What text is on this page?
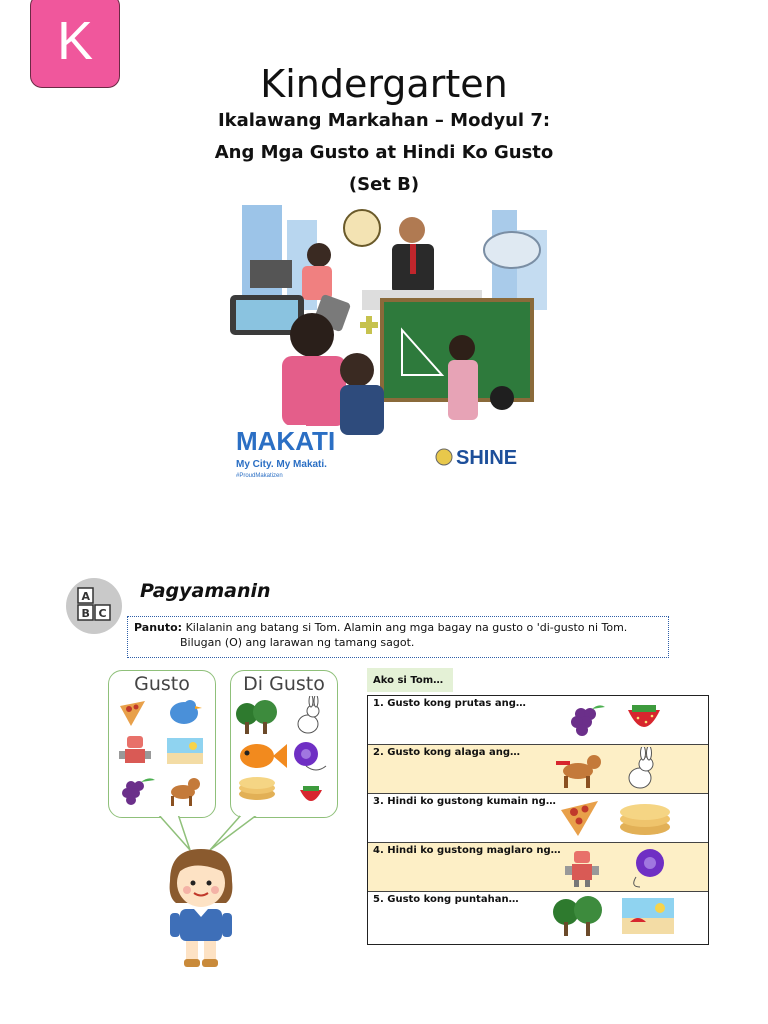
K
Kindergarten
Ikalawang Markahan – Modyul 7:
Ang Mga Gusto at Hindi Ko Gusto
(Set B)
MAKATI
My City. My Makati.
#ProudMakatizen
SHINE
A
B C
Pagyamanin
Panuto: Kilalanin ang batang si Tom. Alamin ang mga bagay na gusto o 'di-gusto ni Tom.
Bilugan (O) ang larawan ng tamang sagot.
Gusto	Di Gusto	Ako si Tom…
1. Gusto kong prutas ang…
2. Gusto kong alaga ang…
3. Hindi ko gustong kumain ng…
4. Hindi ko gustong maglaro ng…
5. Gusto kong puntahan…
